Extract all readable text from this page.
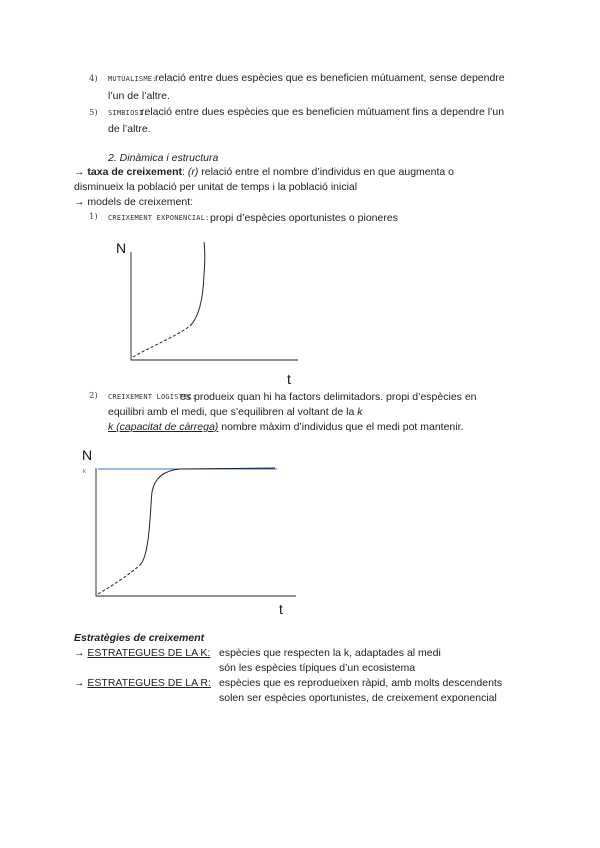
4) MUTUALISME:
relació entre dues espècies que es beneficien mútuament, sense dependre
l’un de l’altre.
5) SIMBIOSI:
relació entre dues espècies que es beneficien mútuament fins a dependre l’un
de l’altre.
2. Dinàmica i estructura
→ taxa de creixement: (r) relació entre el nombre d’individus en que augmenta o
disminueix la població per unitat de temps i la població inicial
→ models de creixement:
1) CREIXEMENT EXPONENCIAL: propi d’espècies oportunistes o pioneres
N
t
2) CREIXEMENT LOGÍSTIC:
es produeix quan hi ha factors delimitadors. propi d’espècies en
equilibri amb el medi, que s’equilibren al voltant de la k
k (capacitat de càrrega) nombre màxim d’individus que el medi pot mantenir.
N
k
t
Estratègies de creixement
→ ESTRATEGUES DE LA K: espècies que respecten la k, adaptades al medi
són les espècies típiques d’un ecosistema
→ ESTRATEGUES DE LA R: espècies que es reprodueixen ràpid, amb molts descendents
solen ser espècies oportunistes, de creixement exponencial
